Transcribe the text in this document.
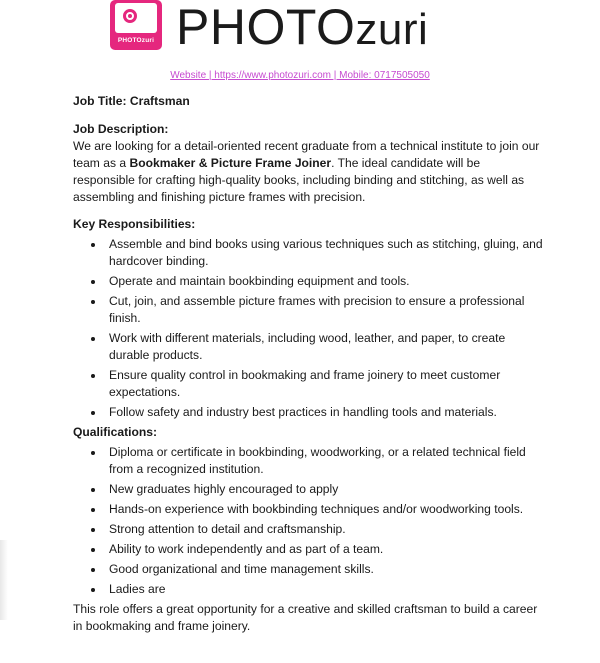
PHOTOzuri PHOTOzuri
Website | https://www.photozuri.com | Mobile: 0717505050

Job Title: Craftsman

Job Description:

We are looking for a detail-oriented recent graduate from a technical institute to join our team as a Bookmaker & Picture Frame Joiner. The ideal candidate will be responsible for crafting high-quality books, including binding and stitching, as well as assembling and finishing picture frames with precision.

Key Responsibilities:

Assemble and bind books using various techniques such as stitching, gluing, and hardcover binding.
Operate and maintain bookbinding equipment and tools.
Cut, join, and assemble picture frames with precision to ensure a professional finish.
Work with different materials, including wood, leather, and paper, to create durable products.
Ensure quality control in bookmaking and frame joinery to meet customer expectations.
Follow safety and industry best practices in handling tools and materials.

Qualifications:

Diploma or certificate in bookbinding, woodworking, or a related technical field from a recognized institution.
New graduates highly encouraged to apply
Hands-on experience with bookbinding techniques and/or woodworking tools.
Strong attention to detail and craftsmanship.
Ability to work independently and as part of a team.
Good organizational and time management skills.
Ladies are

This role offers a great opportunity for a creative and skilled craftsman to build a career in bookmaking and frame joinery.
